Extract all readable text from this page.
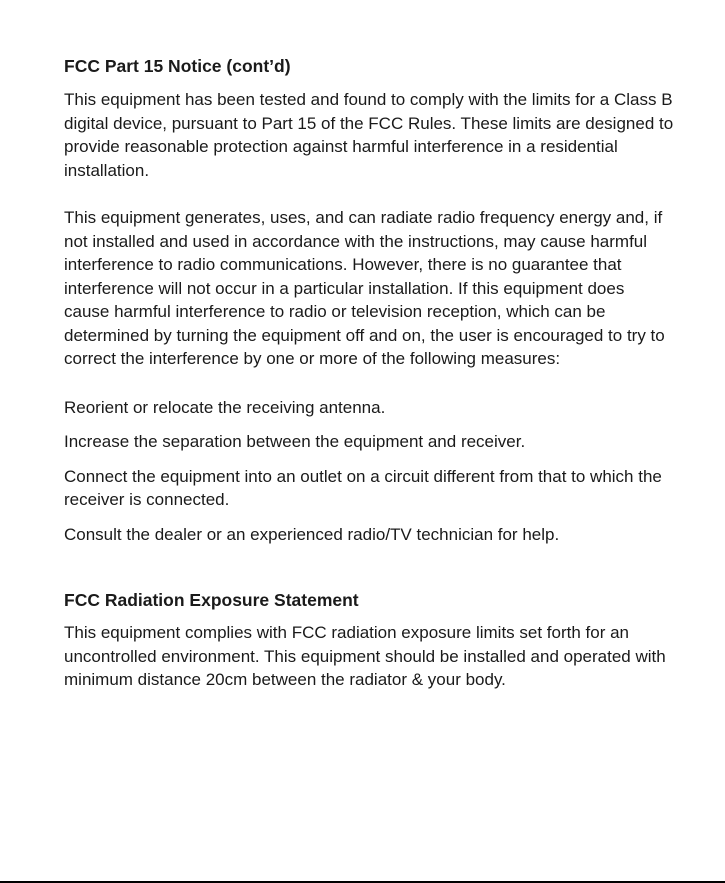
FCC Part 15 Notice (cont’d)

This equipment has been tested and found to comply with the limits for a Class B digital device, pursuant to Part 15 of the FCC Rules. These limits are designed to provide reasonable protection against harmful interference in a residential installation.

This equipment generates, uses, and can radiate radio frequency energy and, if not installed and used in accordance with the instructions, may cause harmful interference to radio communications. However, there is no guarantee that interference will not occur in a particular installation. If this equipment does cause harmful interference to radio or television reception, which can be determined by turning the equipment off and on, the user is encouraged to try to correct the interference by one or more of the following measures:

Reorient or relocate the receiving antenna.
Increase the separation between the equipment and receiver.
Connect the equipment into an outlet on a circuit different from that to which the receiver is connected.
Consult the dealer or an experienced radio/TV technician for help.
FCC Radiation Exposure Statement

This equipment complies with FCC radiation exposure limits set forth for an uncontrolled environment. This equipment should be installed and operated with minimum distance 20cm between the radiator & your body.
